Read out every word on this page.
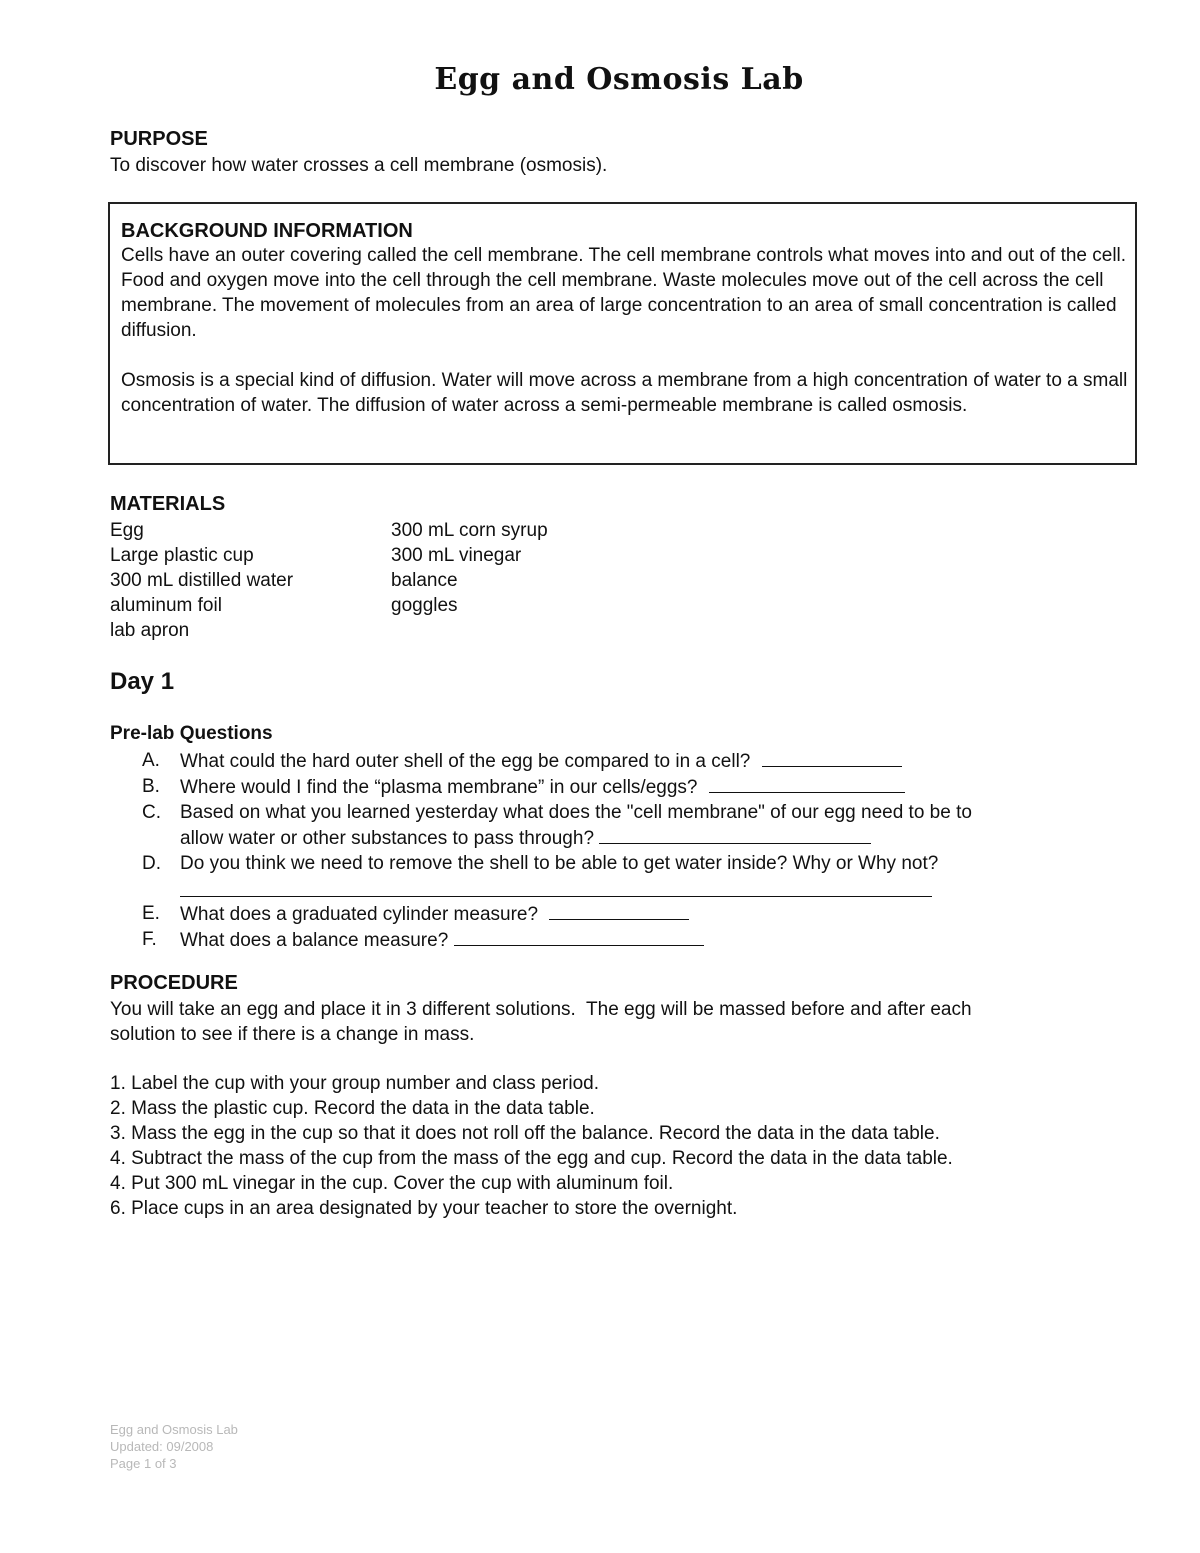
Egg and Osmosis Lab
PURPOSE
To discover how water crosses a cell membrane (osmosis).
BACKGROUND INFORMATION
Cells have an outer covering called the cell membrane. The cell membrane controls what moves into and out of the cell. Food and oxygen move into the cell through the cell membrane. Waste molecules move out of the cell across the cell membrane. The movement of molecules from an area of large concentration to an area of small concentration is called diffusion.
Osmosis is a special kind of diffusion. Water will move across a membrane from a high concentration of water to a small concentration of water. The diffusion of water across a semi-permeable membrane is called osmosis.
MATERIALS
Egg
Large plastic cup
300 mL distilled water
aluminum foil
lab apron
300 mL corn syrup
300 mL vinegar
balance
goggles
Day 1
Pre-lab Questions
A. What could the hard outer shell of the egg be compared to in a cell?
B. Where would I find the “plasma membrane” in our cells/eggs?
C. Based on what you learned yesterday what does the "cell membrane" of our egg need to be to
allow water or other substances to pass through?
D. Do you think we need to remove the shell to be able to get water inside? Why or Why not?
E. What does a graduated cylinder measure?
F. What does a balance measure?
PROCEDURE
You will take an egg and place it in 3 different solutions.  The egg will be massed before and after each
solution to see if there is a change in mass.
1. Label the cup with your group number and class period.
2. Mass the plastic cup. Record the data in the data table.
3. Mass the egg in the cup so that it does not roll off the balance. Record the data in the data table.
4. Subtract the mass of the cup from the mass of the egg and cup. Record the data in the data table.
4. Put 300 mL vinegar in the cup. Cover the cup with aluminum foil.
6. Place cups in an area designated by your teacher to store the overnight.
Egg and Osmosis Lab
Updated: 09/2008
Page 1 of 3
